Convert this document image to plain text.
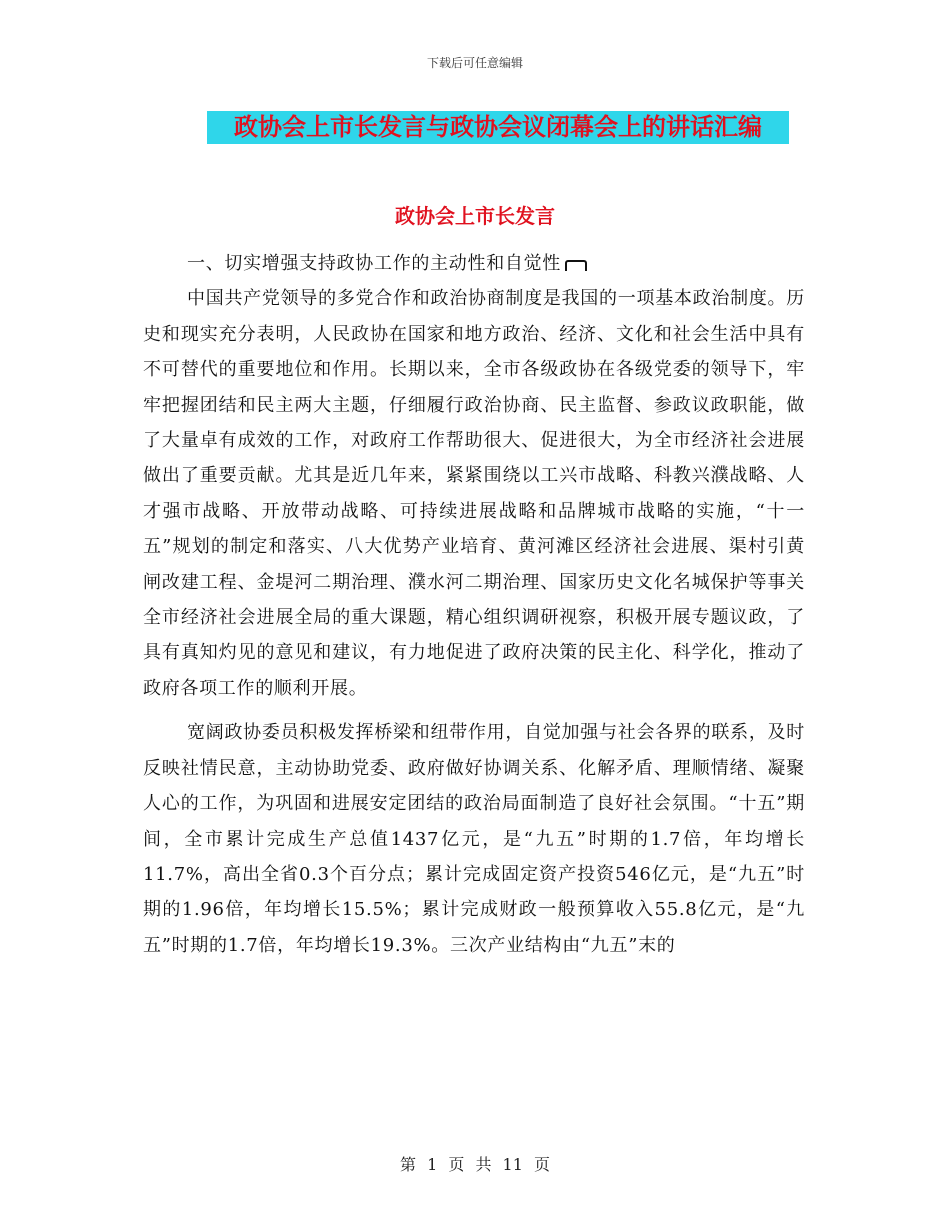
下载后可任意编辑
政协会上市长发言与政协会议闭幕会上的讲话汇编
政协会上市长发言

一、切实增强支持政协工作的主动性和自觉性

中国共产党领导的多党合作和政治协商制度是我国的一项基本政治制度。历史和现实充分表明，人民政协在国家和地方政治、经济、文化和社会生活中具有不可替代的重要地位和作用。长期以来，全市各级政协在各级党委的领导下，牢牢把握团结和民主两大主题，仔细履行政治协商、民主监督、参政议政职能，做了大量卓有成效的工作，对政府工作帮助很大、促进很大，为全市经济社会进展做出了重要贡献。尤其是近几年来，紧紧围绕以工兴市战略、科教兴濮战略、人才强市战略、开放带动战略、可持续进展战略和品牌城市战略的实施，“十一五”规划的制定和落实、八大优势产业培育、黄河滩区经济社会进展、渠村引黄闸改建工程、金堤河二期治理、濮水河二期治理、国家历史文化名城保护等事关全市经济社会进展全局的重大课题，精心组织调研视察，积极开展专题议政，了具有真知灼见的意见和建议，有力地促进了政府决策的民主化、科学化，推动了政府各项工作的顺利开展。

宽阔政协委员积极发挥桥梁和纽带作用，自觉加强与社会各界的联系，及时反映社情民意，主动协助党委、政府做好协调关系、化解矛盾、理顺情绪、凝聚人心的工作，为巩固和进展安定团结的政治局面制造了良好社会氛围。“十五”期间，全市累计完成生产总值1437亿元，是“九五”时期的1.7倍，年均增长11.7%，高出全省0.3个百分点；累计完成固定资产投资546亿元，是“九五”时期的1.96倍，年均增长15.5%；累计完成财政一般预算收入55.8亿元，是“九五”时期的1.7倍，年均增长19.3%。三次产业结构由“九五”末的

第 1 页 共 11 页
